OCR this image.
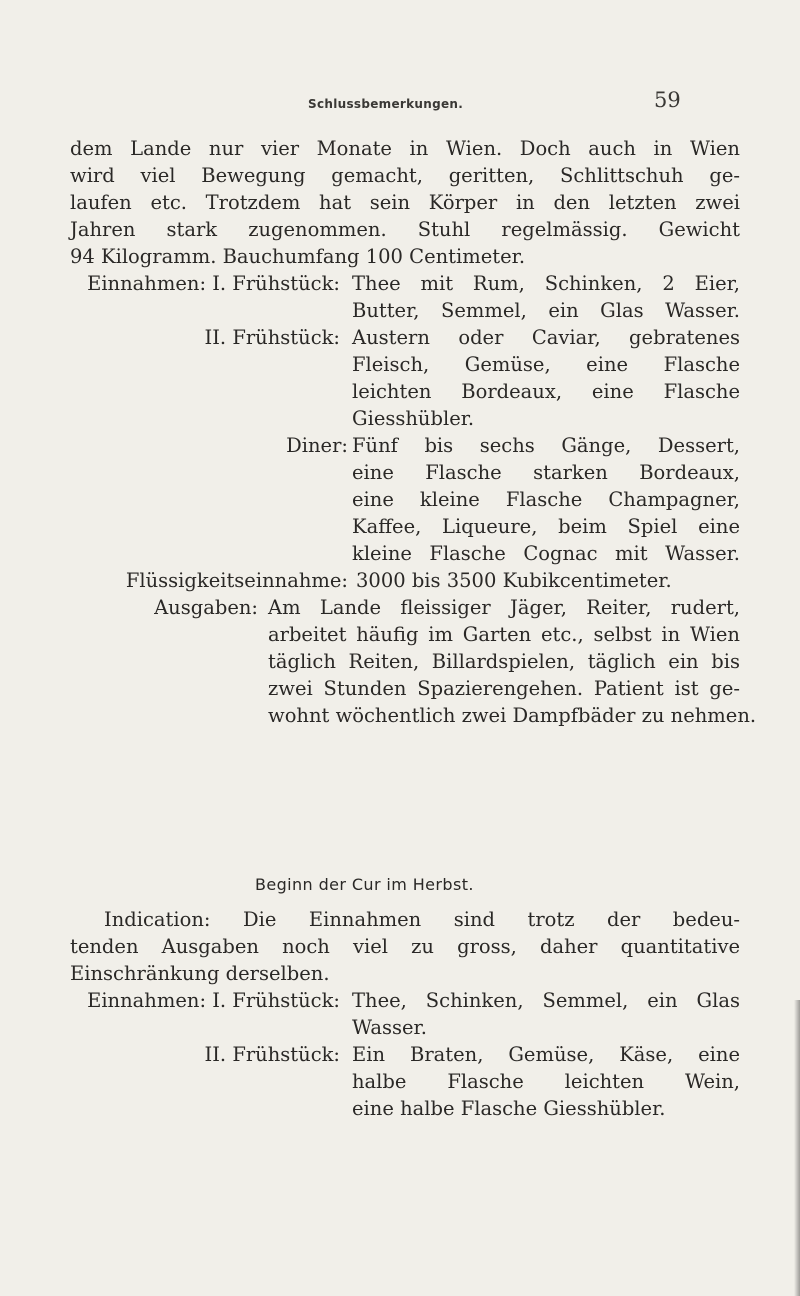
Schlussbemerkungen.	59
dem Lande nur vier Monate in Wien. Doch auch in Wien
wird viel Bewegung gemacht, geritten, Schlittschuh ge-
laufen etc. Trotzdem hat sein Körper in den letzten zwei
Jahren stark zugenommen. Stuhl regelmässig. Gewicht
94 Kilogramm. Bauchumfang 100 Centimeter.
Einnahmen: I. Frühstück: Thee mit Rum, Schinken, 2 Eier,
Butter, Semmel, ein Glas Wasser.
II. Frühstück: Austern oder Caviar, gebratenes
Fleisch, Gemüse, eine Flasche
leichten Bordeaux, eine Flasche
Giesshübler.
Diner: Fünf bis sechs Gänge, Dessert,
eine Flasche starken Bordeaux,
eine kleine Flasche Champagner,
Kaffee, Liqueure, beim Spiel eine
kleine Flasche Cognac mit Wasser.
Flüssigkeitseinnahme: 3000 bis 3500 Kubikcentimeter.
Ausgaben: Am Lande fleissiger Jäger, Reiter, rudert,
arbeitet häufig im Garten etc., selbst in Wien
täglich Reiten, Billardspielen, täglich ein bis
zwei Stunden Spazierengehen. Patient ist ge-
wohnt wöchentlich zwei Dampfbäder zu nehmen.
Beginn der Cur im Herbst.
Indication: Die Einnahmen sind trotz der bedeu-
tenden Ausgaben noch viel zu gross, daher quantitative
Einschränkung derselben.
Einnahmen: I. Frühstück: Thee, Schinken, Semmel, ein Glas
Wasser.
II. Frühstück: Ein Braten, Gemüse, Käse, eine
halbe Flasche leichten Wein,
eine halbe Flasche Giesshübler.
